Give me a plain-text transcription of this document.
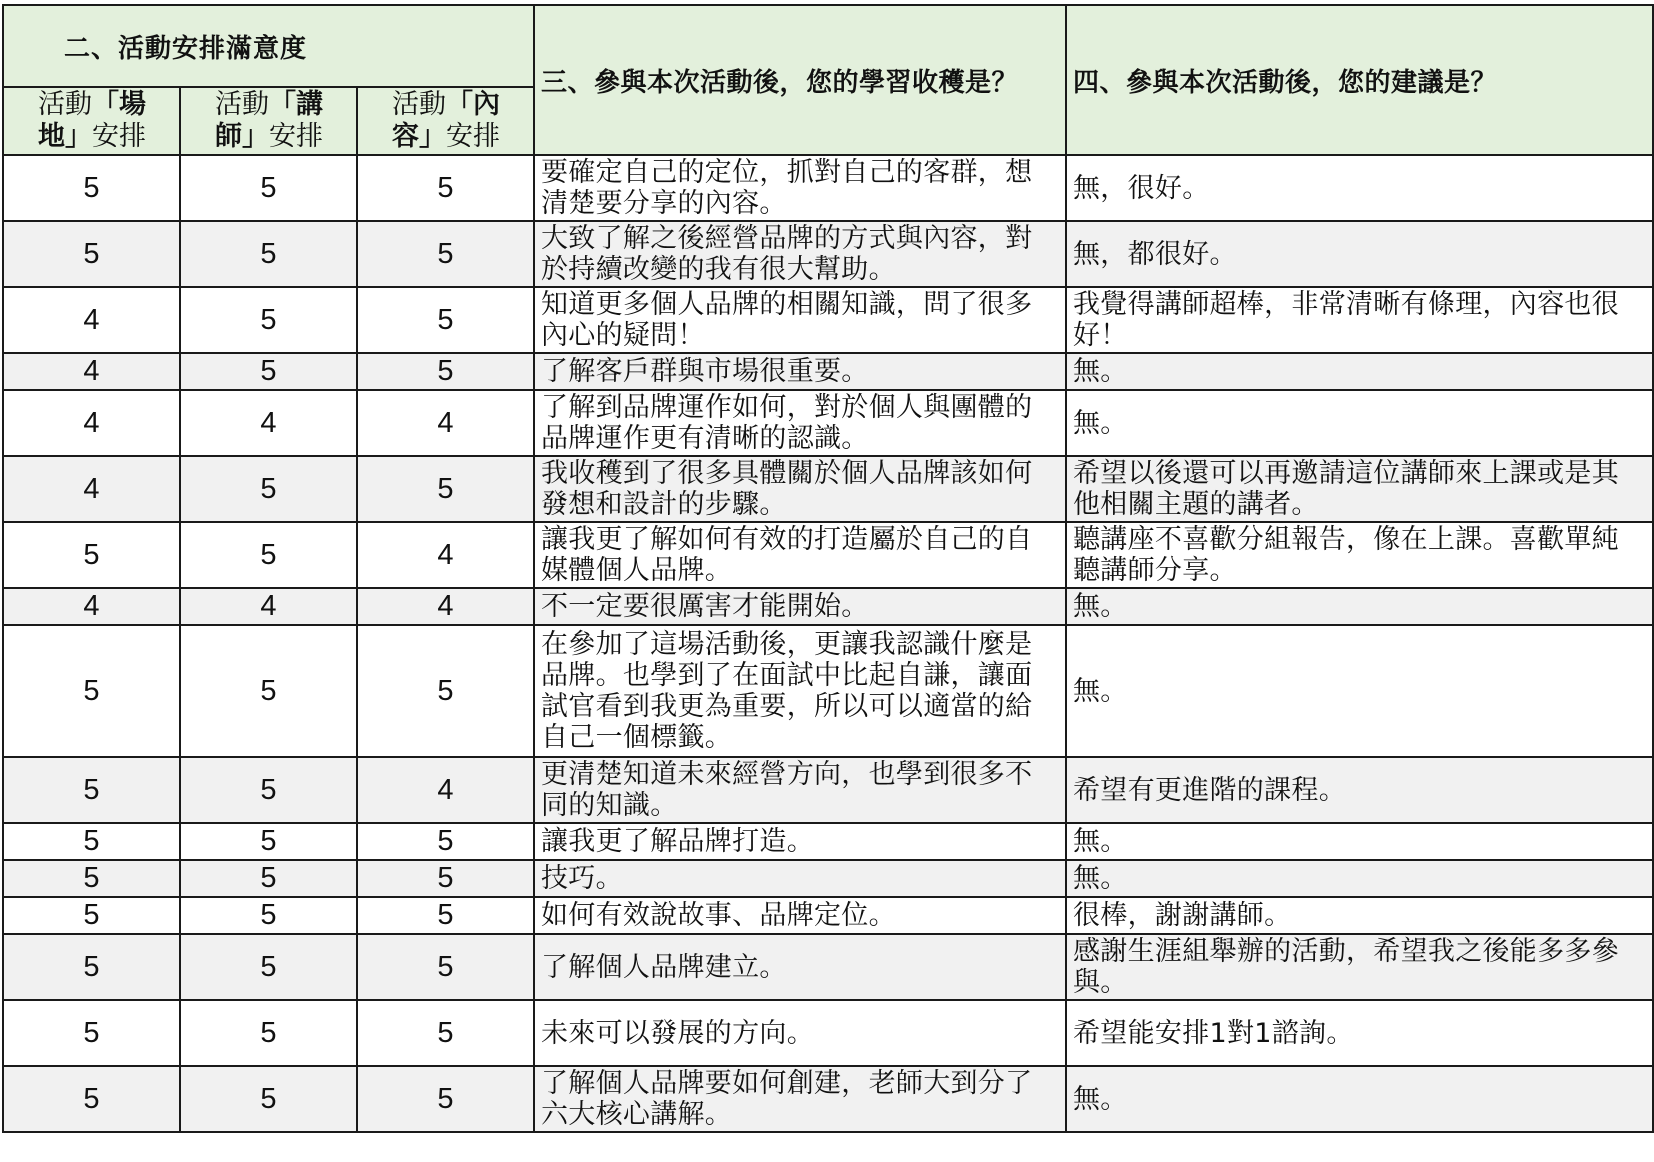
二、活動安排滿意度			三、參與本次活動後，您的學習收穫是？	四、參與本次活動後，您的建議是？
活動「場地」安排	活動「講師」安排	活動「內容」安排		
5	5	5	要確定自己的定位，抓對自己的客群，想清楚要分享的內容。	無，很好。
5	5	5	大致了解之後經營品牌的方式與內容，對於持續改變的我有很大幫助。	無，都很好。
4	5	5	知道更多個人品牌的相關知識，問了很多內心的疑問！	我覺得講師超棒，非常清晰有條理，內容也很好！
4	5	5	了解客戶群與市場很重要。	無。
4	4	4	了解到品牌運作如何，對於個人與團體的品牌運作更有清晰的認識。	無。
4	5	5	我收穫到了很多具體關於個人品牌該如何發想和設計的步驟。	希望以後還可以再邀請這位講師來上課或是其他相關主題的講者。
5	5	4	讓我更了解如何有效的打造屬於自己的自媒體個人品牌。	聽講座不喜歡分組報告，像在上課。喜歡單純聽講師分享。
4	4	4	不一定要很厲害才能開始。	無。
5	5	5	在參加了這場活動後，更讓我認識什麼是品牌。也學到了在面試中比起自謙，讓面試官看到我更為重要，所以可以適當的給自己一個標籤。	無。
5	5	4	更清楚知道未來經營方向，也學到很多不同的知識。	希望有更進階的課程。
5	5	5	讓我更了解品牌打造。	無。
5	5	5	技巧。	無。
5	5	5	如何有效說故事、品牌定位。	很棒，謝謝講師。
5	5	5	了解個人品牌建立。	感謝生涯組舉辦的活動，希望我之後能多多參與。
5	5	5	未來可以發展的方向。	希望能安排1對1諮詢。
5	5	5	了解個人品牌要如何創建，老師大到分了六大核心講解。	無。
